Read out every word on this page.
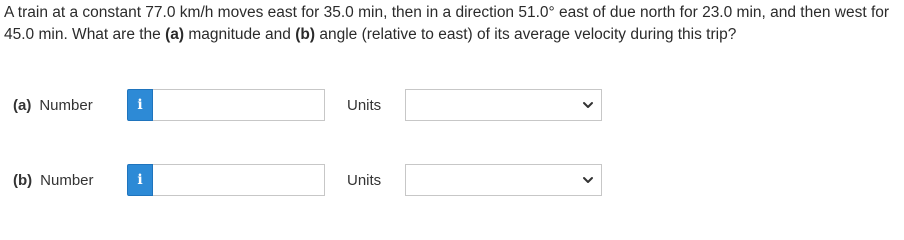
A train at a constant 77.0 km/h moves east for 35.0 min, then in a direction 51.0° east of due north for 23.0 min, and then west for 45.0 min. What are the (a) magnitude and (b) angle (relative to east) of its average velocity during this trip?
(a) Number	i	Units
(b) Number	i	Units
